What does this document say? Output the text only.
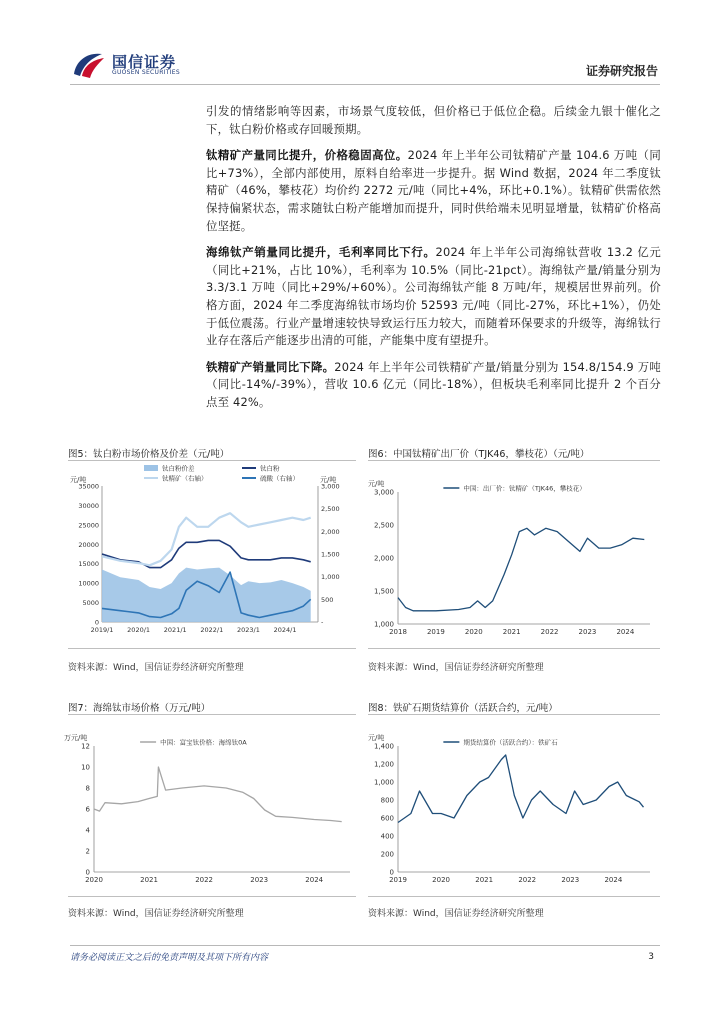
国信证券
GUOSEN SECURITIES	证券研究报告

引发的情绪影响等因素，市场景气度较低，但价格已于低位企稳。后续金九银十催化之下，钛白粉价格或存回暖预期。

钛精矿产量同比提升，价格稳固高位。2024 年上半年公司钛精矿产量 104.6 万吨（同比+73%），全部内部使用，原料自给率进一步提升。据 Wind 数据，2024 年二季度钛精矿（46%，攀枝花）均价约 2272 元/吨（同比+4%，环比+0.1%）。钛精矿供需依然保持偏紧状态，需求随钛白粉产能增加而提升，同时供给端未见明显增量，钛精矿价格高位坚挺。

海绵钛产销量同比提升，毛利率同比下行。2024 年上半年公司海绵钛营收 13.2 亿元（同比+21%，占比 10%），毛利率为 10.5%（同比-21pct）。海绵钛产量/销量分别为 3.3/3.1 万吨（同比+29%/+60%）。公司海绵钛产能 8 万吨/年，规模居世界前列。价格方面，2024 年二季度海绵钛市场均价 52593 元/吨（同比-27%，环比+1%），仍处于低位震荡。行业产量增速较快导致运行压力较大，而随着环保要求的升级等，海绵钛行业存在落后产能逐步出清的可能，产能集中度有望提升。

铁精矿产销量同比下降。2024 年上半年公司铁精矿产量/销量分别为 154.8/154.9 万吨（同比-14%/-39%），营收 10.6 亿元（同比-18%），但板块毛利率同比提升 2 个百分点至 42%。

图5：钛白粉市场价格及价差（元/吨）
元/吨	元/吨
0
5000
10000
15000
20000
25000
30000
35000
-
500
1,000
1,500
2,000
2,500
3,000
2019/1 2020/1 2021/1 2022/1 2023/1 2024/1
钛白粉价差	钛白粉
钛精矿（右轴）	硫酸（右轴）
资料来源：Wind，国信证券经济研究所整理
图6：中国钛精矿出厂价（TJK46，攀枝花）（元/吨）
元/吨
1,000
1,500
2,000
2,500
3,000
2018	2019	2020	2021	2022	2023	2024
中国：出厂价：钛精矿（TJK46，攀枝花）
资料来源：Wind，国信证券经济研究所整理
图7：海绵钛市场价格（万元/吨）
万元/吨
0
2
4
6
8
10
12
2020	2021	2022	2023	2024
中国：富宝钛价格：海绵钛0A
资料来源：Wind，国信证券经济研究所整理
图8：铁矿石期货结算价（活跃合约，元/吨）
元/吨
0
200
400
600
800
1,000
1,200
1,400
2019	2020	2021	2022	2023	2024
期货结算价（活跃合约）：铁矿石
资料来源：Wind，国信证券经济研究所整理
请务必阅读正文之后的免责声明及其项下所有内容	3
